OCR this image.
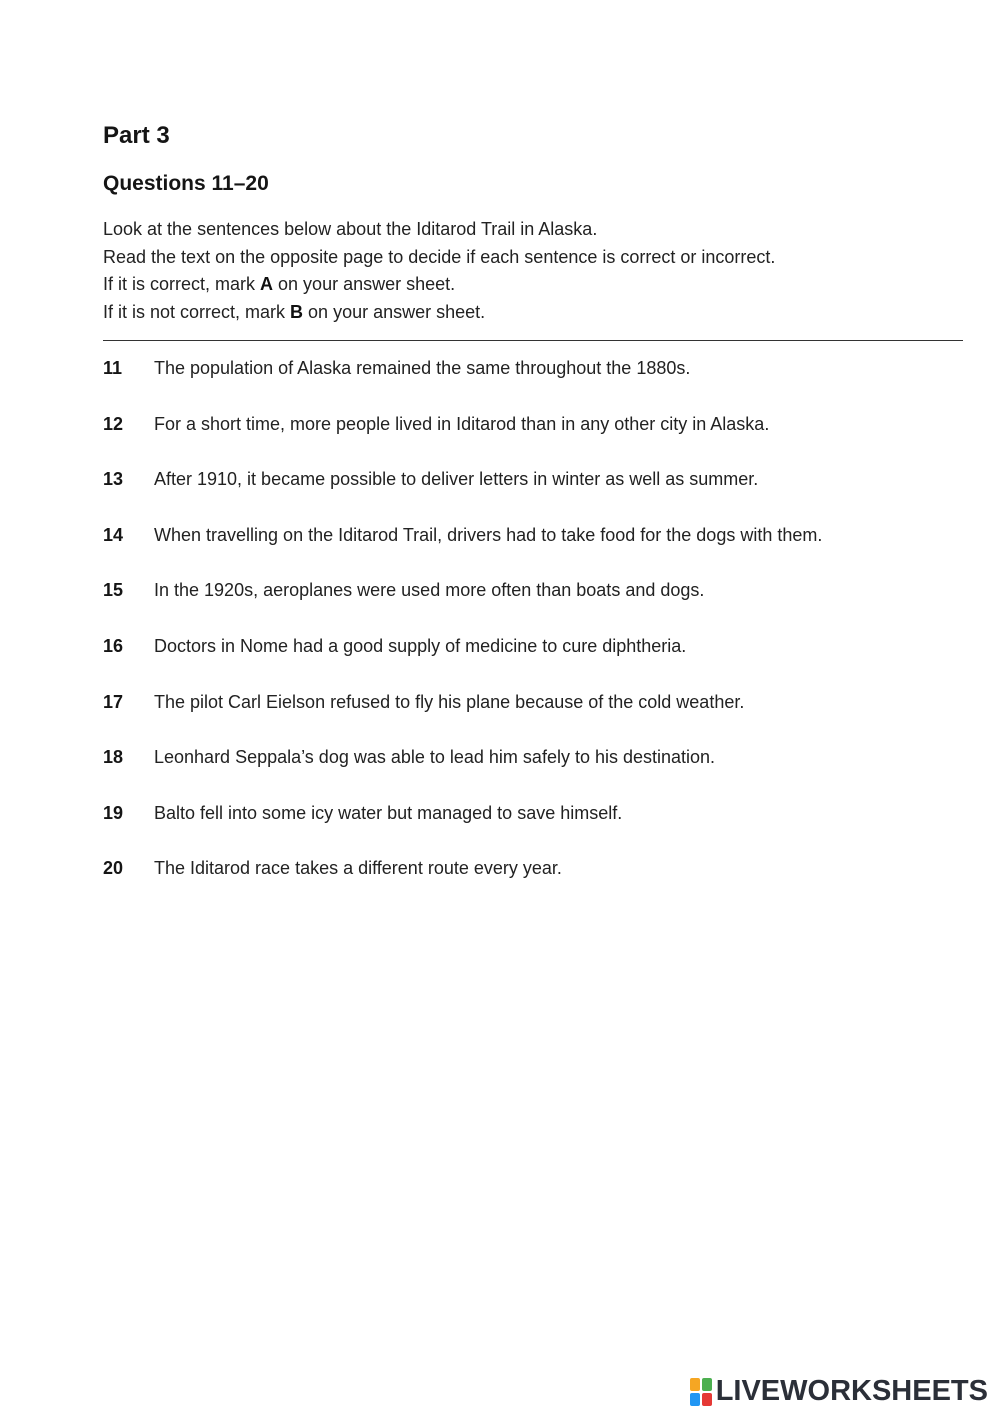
Part 3
Questions 11–20
Look at the sentences below about the Iditarod Trail in Alaska.
Read the text on the opposite page to decide if each sentence is correct or incorrect.
If it is correct, mark A on your answer sheet.
If it is not correct, mark B on your answer sheet.
11	The population of Alaska remained the same throughout the 1880s.
12	For a short time, more people lived in Iditarod than in any other city in Alaska.
13	After 1910, it became possible to deliver letters in winter as well as summer.
14	When travelling on the Iditarod Trail, drivers had to take food for the dogs with them.
15	In the 1920s, aeroplanes were used more often than boats and dogs.
16	Doctors in Nome had a good supply of medicine to cure diphtheria.
17	The pilot Carl Eielson refused to fly his plane because of the cold weather.
18	Leonhard Seppala’s dog was able to lead him safely to his destination.
19	Balto fell into some icy water but managed to save himself.
20	The Iditarod race takes a different route every year.
LIVEWORKSHEETS
